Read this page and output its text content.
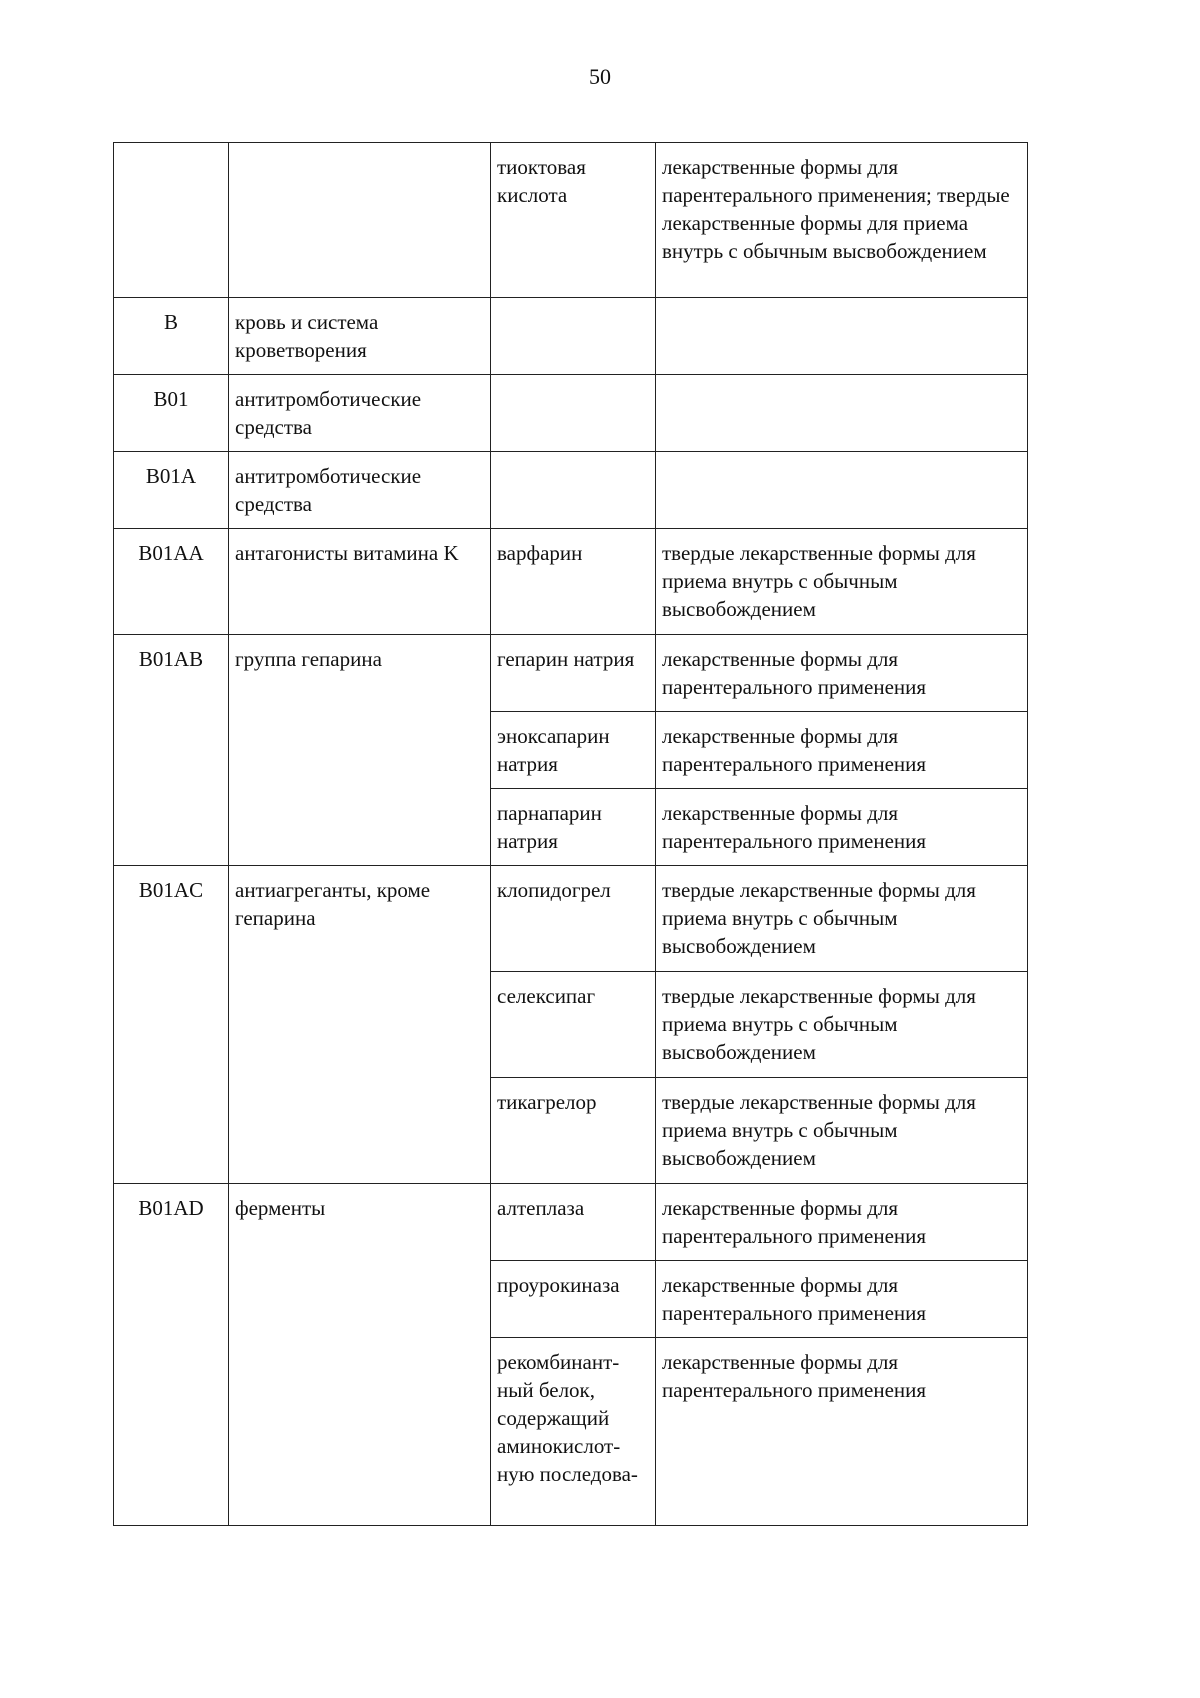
50
		тиоктовая кислота	лекарственные формы для парентерального применения; твердые лекарственные формы для приема внутрь с обычным высвобождением
B	кровь и система кроветворения		
B01	антитромботические средства		
B01A	антитромботические средства		
B01AA	антагонисты витамина K	варфарин	твердые лекарственные формы для приема внутрь с обычным высвобождением
B01AB	группа гепарина	гепарин натрия	лекарственные формы для парентерального применения
		эноксапарин натрия	лекарственные формы для парентерального применения
		парнапарин натрия	лекарственные формы для парентерального применения
B01AC	антиагреганты, кроме гепарина	клопидогрел	твердые лекарственные формы для приема внутрь с обычным высвобождением
		селексипаг	твердые лекарственные формы для приема внутрь с обычным высвобождением
		тикагрелор	твердые лекарственные формы для приема внутрь с обычным высвобождением
B01AD	ферменты	алтеплаза	лекарственные формы для парентерального применения
		проурокиназа	лекарственные формы для парентерального применения
		рекомбинант-ный белок, содержащий аминокислот-ную последова-	лекарственные формы для парентерального применения
